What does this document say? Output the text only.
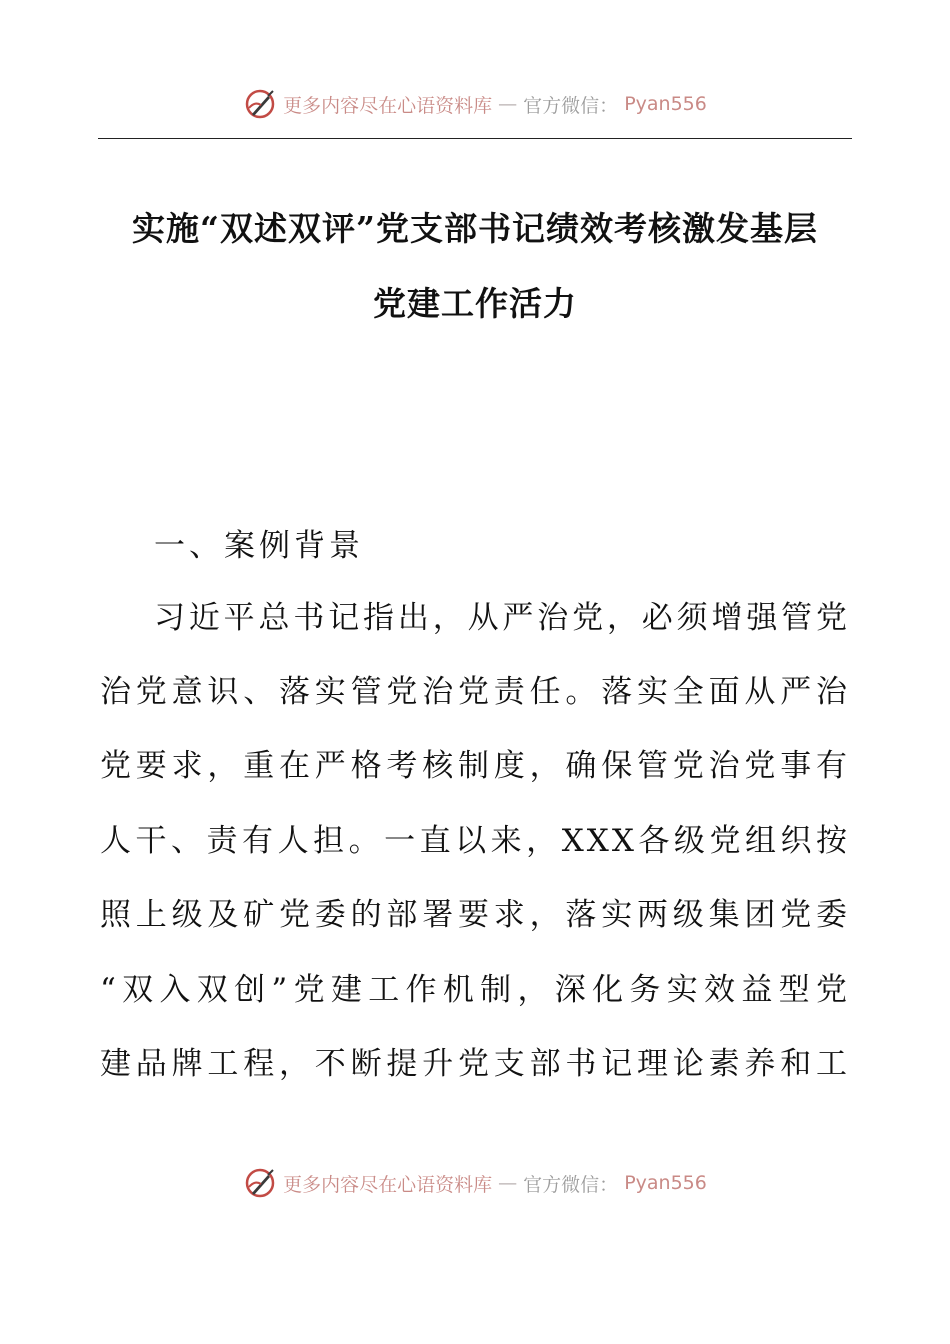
更多内容尽在心语资料库 — 官方微信： Pyan556
实施“双述双评”党支部书记绩效考核激发基层
党建工作活力
一、案例背景
习近平总书记指出，从严治党，必须增强管党
治党意识、落实管党治党责任。落实全面从严治
党要求，重在严格考核制度，确保管党治党事有
人干、责有人担。一直以来，XXX各级党组织按
照上级及矿党委的部署要求，落实两级集团党委
“双入双创”党建工作机制，深化务实效益型党
建品牌工程，不断提升党支部书记理论素养和工
更多内容尽在心语资料库 — 官方微信： Pyan556
